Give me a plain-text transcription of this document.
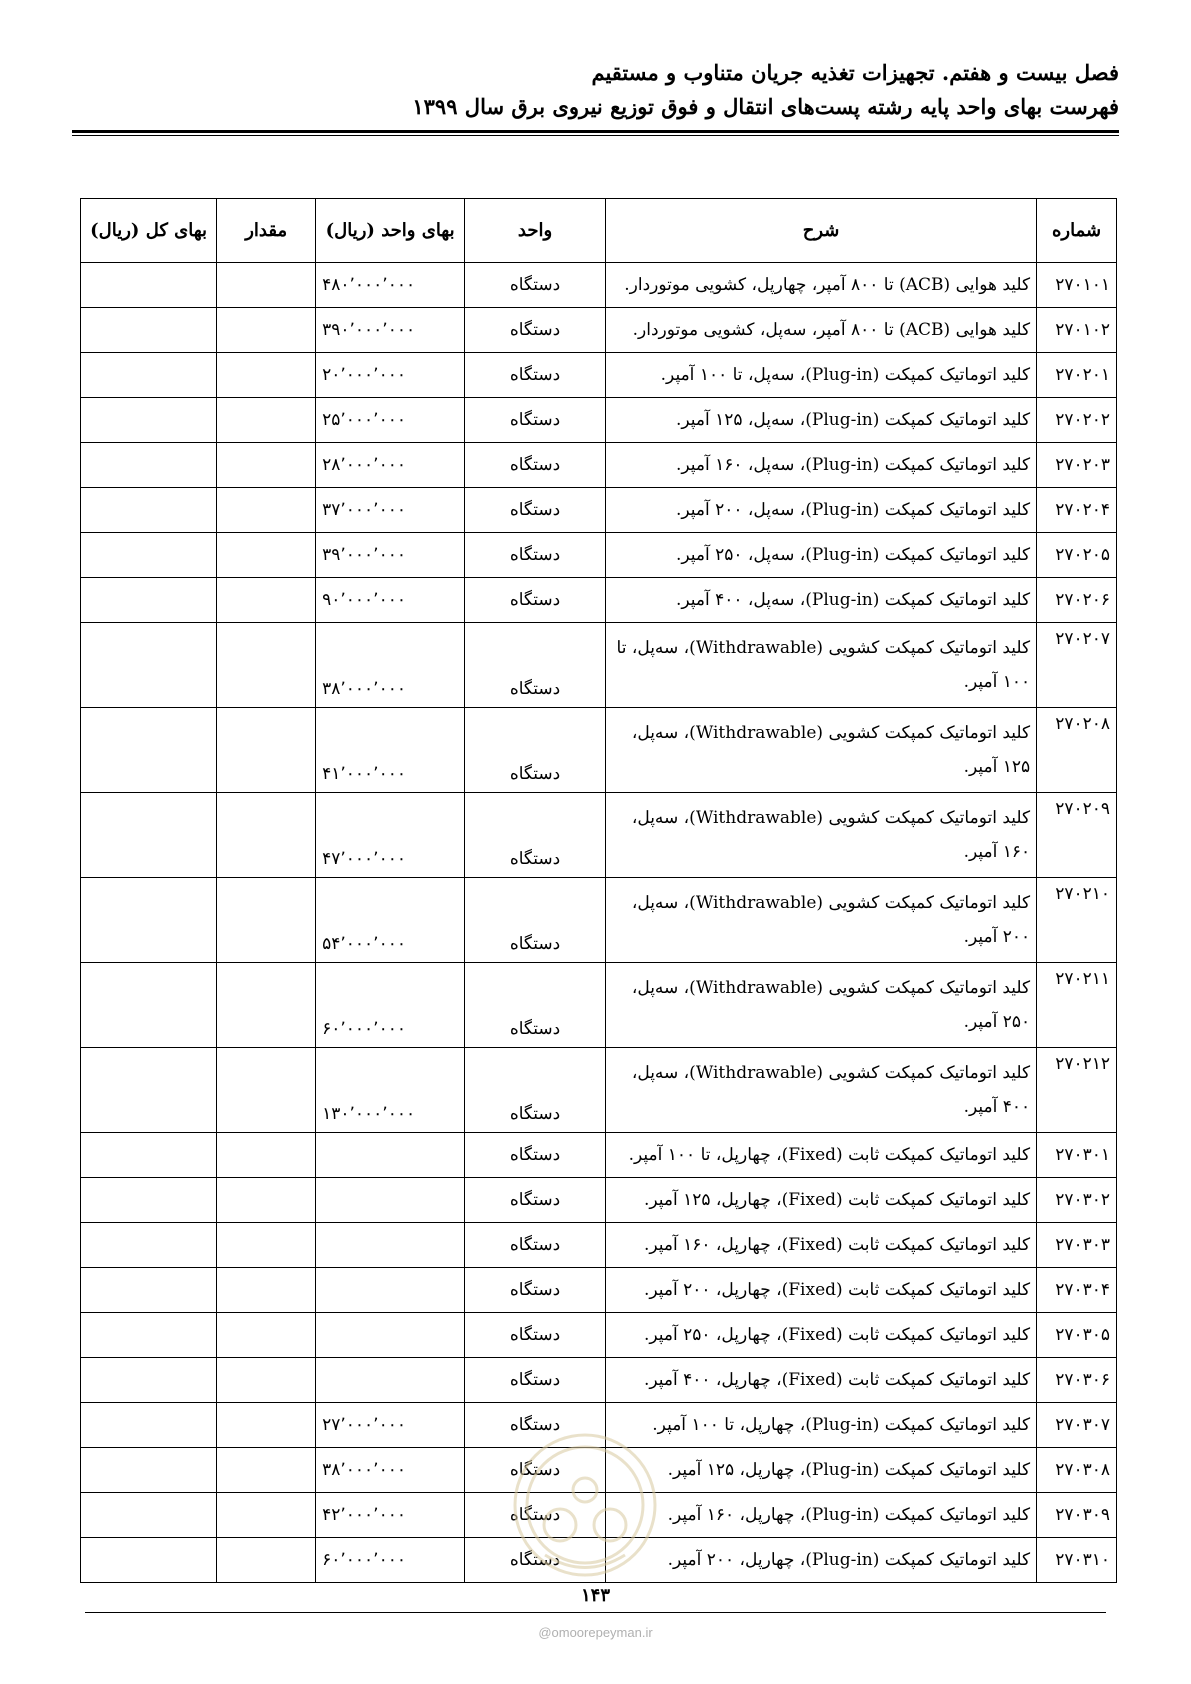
فصل بیست و هفتم. تجهیزات تغذیه جریان متناوب و مستقیم
فهرست بهای واحد پایه رشته پست‌های انتقال و فوق توزیع نیروی برق سال ۱۳۹۹
شماره	شرح	واحد	بهای واحد (ریال)	مقدار	بهای کل (ریال)
۲۷۰۱۰۱	کلید هوایی (ACB) تا ۸۰۰ آمپر، چهارپل، کشویی موتوردار.	دستگاه	۴۸۰٬۰۰۰٬۰۰۰		
۲۷۰۱۰۲	کلید هوایی (ACB) تا ۸۰۰ آمپر، سه‌پل، کشویی موتوردار.	دستگاه	۳۹۰٬۰۰۰٬۰۰۰		
۲۷۰۲۰۱	کلید اتوماتیک کمپکت (Plug-in)، سه‌پل، تا ۱۰۰ آمپر.	دستگاه	۲۰٬۰۰۰٬۰۰۰		
۲۷۰۲۰۲	کلید اتوماتیک کمپکت (Plug-in)، سه‌پل، ۱۲۵ آمپر.	دستگاه	۲۵٬۰۰۰٬۰۰۰		
۲۷۰۲۰۳	کلید اتوماتیک کمپکت (Plug-in)، سه‌پل، ۱۶۰ آمپر.	دستگاه	۲۸٬۰۰۰٬۰۰۰		
۲۷۰۲۰۴	کلید اتوماتیک کمپکت (Plug-in)، سه‌پل، ۲۰۰ آمپر.	دستگاه	۳۷٬۰۰۰٬۰۰۰		
۲۷۰۲۰۵	کلید اتوماتیک کمپکت (Plug-in)، سه‌پل، ۲۵۰ آمپر.	دستگاه	۳۹٬۰۰۰٬۰۰۰		
۲۷۰۲۰۶	کلید اتوماتیک کمپکت (Plug-in)، سه‌پل، ۴۰۰ آمپر.	دستگاه	۹۰٬۰۰۰٬۰۰۰		
۲۷۰۲۰۷	کلید اتوماتیک کمپکت کشویی (Withdrawable)، سه‌پل، تا ۱۰۰ آمپر.	دستگاه	۳۸٬۰۰۰٬۰۰۰		
۲۷۰۲۰۸	کلید اتوماتیک کمپکت کشویی (Withdrawable)، سه‌پل، ۱۲۵ آمپر.	دستگاه	۴۱٬۰۰۰٬۰۰۰		
۲۷۰۲۰۹	کلید اتوماتیک کمپکت کشویی (Withdrawable)، سه‌پل، ۱۶۰ آمپر.	دستگاه	۴۷٬۰۰۰٬۰۰۰		
۲۷۰۲۱۰	کلید اتوماتیک کمپکت کشویی (Withdrawable)، سه‌پل، ۲۰۰ آمپر.	دستگاه	۵۴٬۰۰۰٬۰۰۰		
۲۷۰۲۱۱	کلید اتوماتیک کمپکت کشویی (Withdrawable)، سه‌پل، ۲۵۰ آمپر.	دستگاه	۶۰٬۰۰۰٬۰۰۰		
۲۷۰۲۱۲	کلید اتوماتیک کمپکت کشویی (Withdrawable)، سه‌پل، ۴۰۰ آمپر.	دستگاه	۱۳۰٬۰۰۰٬۰۰۰		
۲۷۰۳۰۱	کلید اتوماتیک کمپکت ثابت (Fixed)، چهارپل، تا ۱۰۰ آمپر.	دستگاه			
۲۷۰۳۰۲	کلید اتوماتیک کمپکت ثابت (Fixed)، چهارپل، ۱۲۵ آمپر.	دستگاه			
۲۷۰۳۰۳	کلید اتوماتیک کمپکت ثابت (Fixed)، چهارپل، ۱۶۰ آمپر.	دستگاه			
۲۷۰۳۰۴	کلید اتوماتیک کمپکت ثابت (Fixed)، چهارپل، ۲۰۰ آمپر.	دستگاه			
۲۷۰۳۰۵	کلید اتوماتیک کمپکت ثابت (Fixed)، چهارپل، ۲۵۰ آمپر.	دستگاه			
۲۷۰۳۰۶	کلید اتوماتیک کمپکت ثابت (Fixed)، چهارپل، ۴۰۰ آمپر.	دستگاه			
۲۷۰۳۰۷	کلید اتوماتیک کمپکت (Plug-in)، چهارپل، تا ۱۰۰ آمپر.	دستگاه	۲۷٬۰۰۰٬۰۰۰		
۲۷۰۳۰۸	کلید اتوماتیک کمپکت (Plug-in)، چهارپل، ۱۲۵ آمپر.	دستگاه	۳۸٬۰۰۰٬۰۰۰		
۲۷۰۳۰۹	کلید اتوماتیک کمپکت (Plug-in)، چهارپل، ۱۶۰ آمپر.	دستگاه	۴۲٬۰۰۰٬۰۰۰		
۲۷۰۳۱۰	کلید اتوماتیک کمپکت (Plug-in)، چهارپل، ۲۰۰ آمپر.	دستگاه	۶۰٬۰۰۰٬۰۰۰		
۱۴۳
@omoorepeyman.ir
